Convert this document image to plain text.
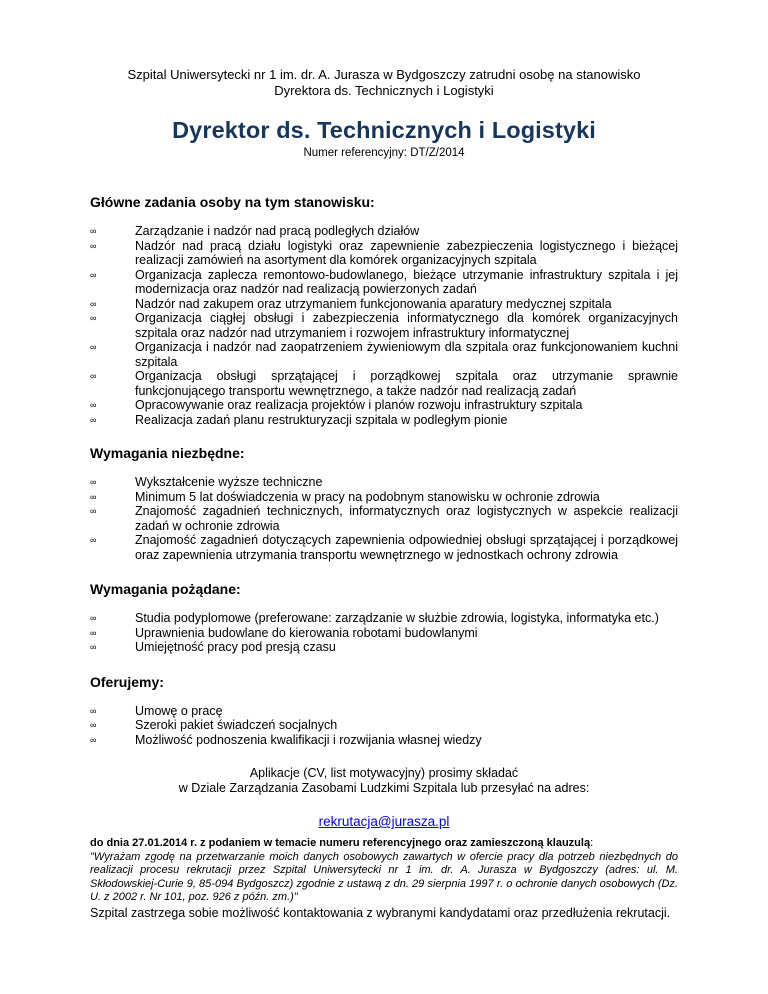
Szpital Uniwersytecki nr 1 im. dr. A. Jurasza w Bydgoszczy zatrudni osobę na stanowisko
Dyrektora ds. Technicznych i Logistyki
Dyrektor ds. Technicznych i Logistyki
Numer referencyjny: DT/Z/2014
Główne zadania osoby na tym stanowisku:
∞	Zarządzanie i nadzór nad pracą podległych działów
∞	Nadzór nad pracą działu logistyki oraz zapewnienie zabezpieczenia logistycznego i bieżącej realizacji zamówień na asortyment dla komórek organizacyjnych szpitala
∞	Organizacja zaplecza remontowo-budowlanego, bieżące utrzymanie infrastruktury szpitala i jej modernizacja oraz nadzór nad realizacją powierzonych zadań
∞	Nadzór nad zakupem oraz utrzymaniem funkcjonowania aparatury medycznej szpitala
∞	Organizacja ciągłej obsługi i zabezpieczenia informatycznego dla komórek organizacyjnych szpitala oraz nadzór nad utrzymaniem i rozwojem infrastruktury informatycznej
∞	Organizacja i nadzór nad zaopatrzeniem żywieniowym dla szpitala oraz funkcjonowaniem kuchni szpitala
∞	Organizacja obsługi sprzątającej i porządkowej szpitala oraz utrzymanie sprawnie funkcjonującego transportu wewnętrznego, a także nadzór nad realizacją zadań
∞	Opracowywanie oraz realizacja projektów i planów rozwoju infrastruktury szpitala
∞	Realizacja zadań planu restrukturyzacji szpitala w podległym pionie
Wymagania niezbędne:
∞	Wykształcenie wyższe techniczne
∞	Minimum 5 lat doświadczenia w pracy na podobnym stanowisku w ochronie zdrowia
∞	Znajomość zagadnień technicznych, informatycznych oraz logistycznych w aspekcie realizacji zadań w ochronie zdrowia
∞	Znajomość zagadnień dotyczących zapewnienia odpowiedniej obsługi sprzątającej i porządkowej oraz zapewnienia utrzymania transportu wewnętrznego w jednostkach ochrony zdrowia
Wymagania pożądane:
∞	Studia podyplomowe (preferowane: zarządzanie w służbie zdrowia, logistyka, informatyka etc.)
∞	Uprawnienia budowlane do kierowania robotami budowlanymi
∞	Umiejętność pracy pod presją czasu
Oferujemy:
∞	Umowę o pracę
∞	Szeroki pakiet świadczeń socjalnych
∞	Możliwość podnoszenia kwalifikacji i rozwijania własnej wiedzy
Aplikacje (CV, list motywacyjny) prosimy składać
w Dziale Zarządzania Zasobami Ludzkimi Szpitala lub przesyłać na adres:
rekrutacja@jurasza.pl
do dnia 27.01.2014 r. z podaniem w temacie numeru referencyjnego oraz zamieszczoną klauzulą:
"Wyrażam zgodę na przetwarzanie moich danych osobowych zawartych w ofercie pracy dla potrzeb niezbędnych do realizacji procesu rekrutacji przez Szpital Uniwersytecki nr 1 im. dr. A. Jurasza w Bydgoszczy (adres: ul. M. Skłodowskiej-Curie 9, 85-094 Bydgoszcz) zgodnie z ustawą z dn. 29 sierpnia 1997 r. o ochronie danych osobowych (Dz. U. z 2002 r. Nr 101, poz. 926 z późn. zm.)"
Szpital zastrzega sobie możliwość kontaktowania z wybranymi kandydatami oraz przedłużenia rekrutacji.
